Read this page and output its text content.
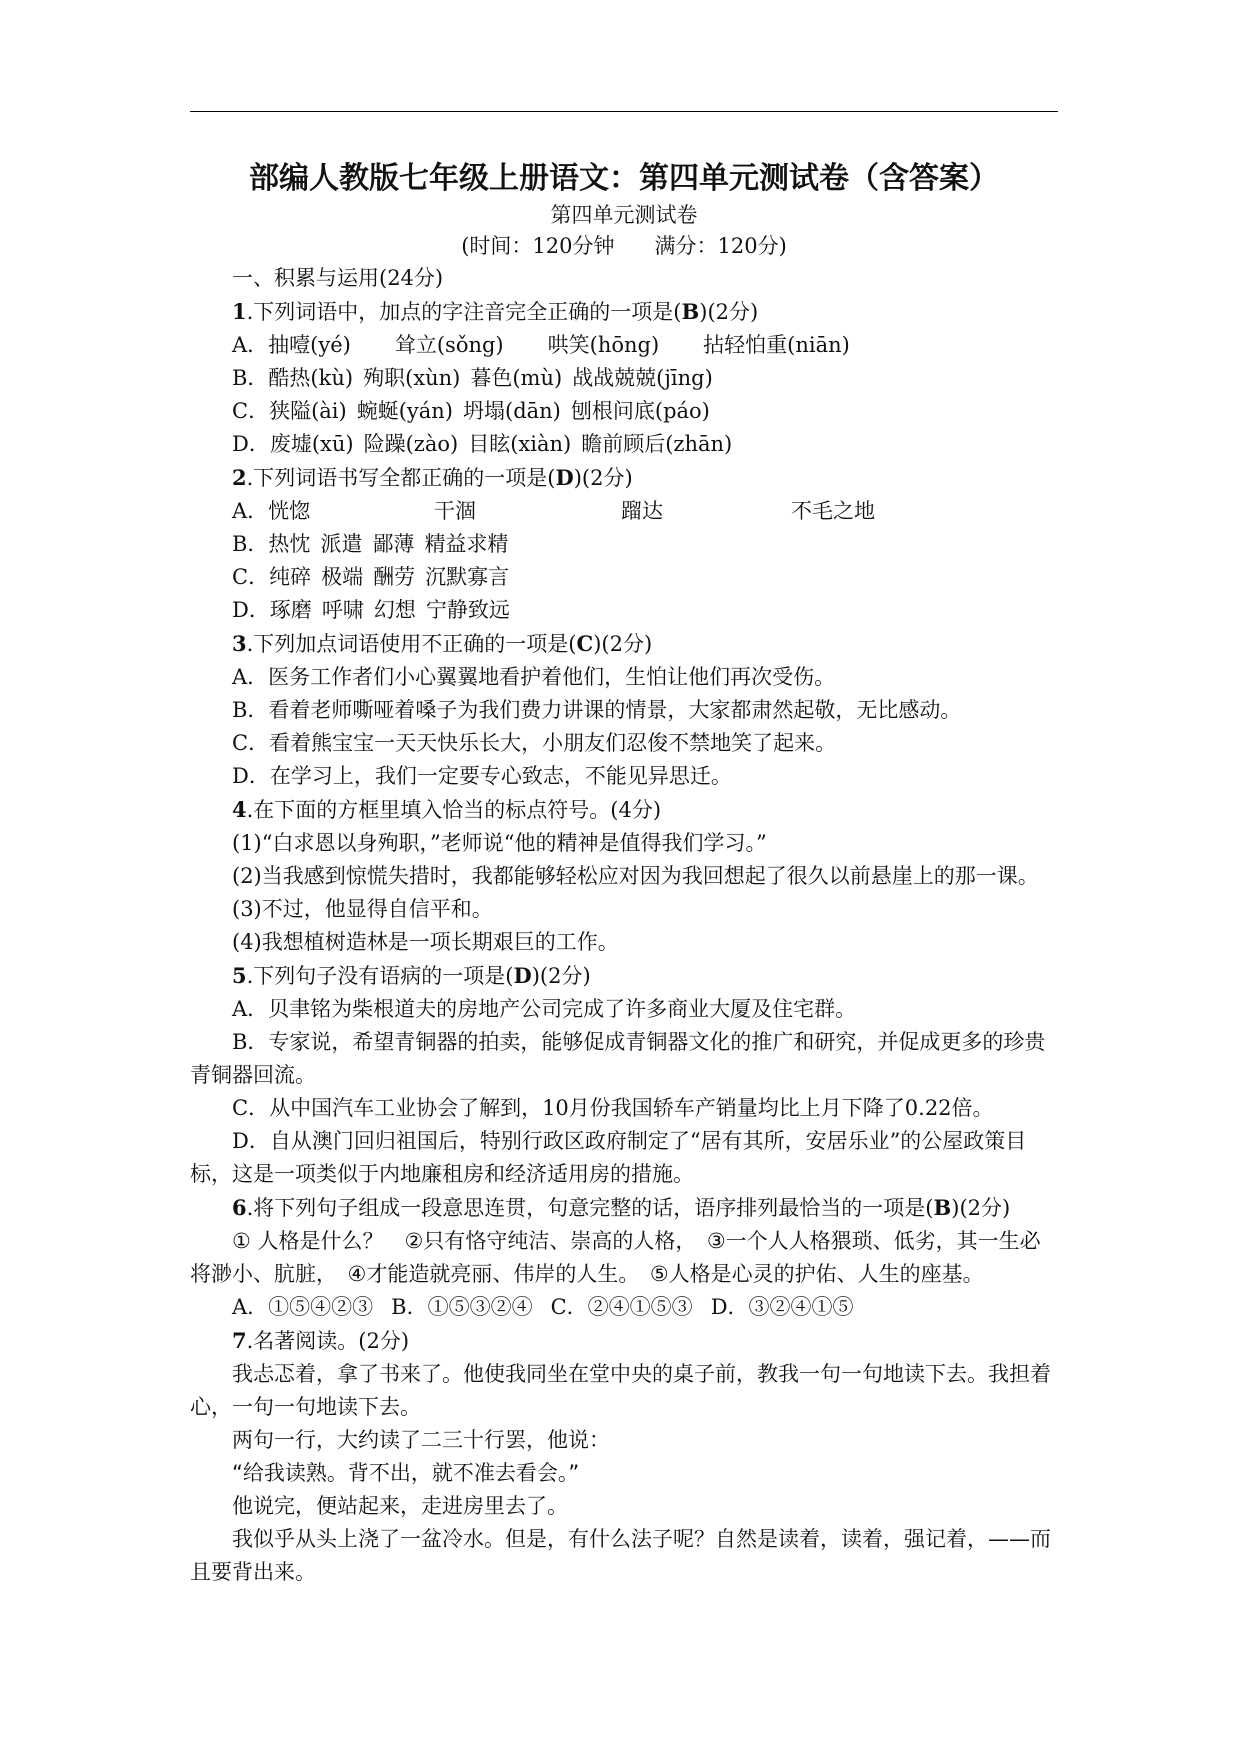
部编人教版七年级上册语文：第四单元测试卷（含答案）
第四单元测试卷
(时间：120分钟 满分：120分)

一、积累与运用(24分)

1.下列词语中，加点的字注音完全正确的一项是(B)(2分)

A．抽噎(yé) 耸立(sǒng) 哄笑(hōng) 拈轻怕重(niān)

B．酷热(kù) 殉职(xùn) 暮色(mù) 战战兢兢(jīng)

C．狭隘(ài) 蜿蜒(yán) 坍塌(dān) 刨根问底(páo)

D．废墟(xū) 险躁(zào) 目眩(xiàn) 瞻前顾后(zhān)

2.下列词语书写全都正确的一项是(D)(2分)

A．恍惚	干涸	蹓达	不毛之地

B．热忱 派遣 鄙薄 精益求精

C．纯碎 极端 酬劳 沉默寡言

D．琢磨 呼啸 幻想 宁静致远

3.下列加点词语使用不正确的一项是(C)(2分)

A．医务工作者们小心翼翼地看护着他们，生怕让他们再次受伤。

B．看着老师嘶哑着嗓子为我们费力讲课的情景，大家都肃然起敬，无比感动。

C．看着熊宝宝一天天快乐长大，小朋友们忍俊不禁地笑了起来。

D．在学习上，我们一定要专心致志，不能见异思迁。

4.在下面的方框里填入恰当的标点符号。(4分)

(1)“白求恩以身殉职，”老师说“他的精神是值得我们学习。”

(2)当我感到惊慌失措时，我都能够轻松应对因为我回想起了很久以前悬崖上的那一课。

(3)不过，他显得自信平和。

(4)我想植树造林是一项长期艰巨的工作。

5.下列句子没有语病的一项是(D)(2分)

A．贝聿铭为柴根道夫的房地产公司完成了许多商业大厦及住宅群。

B．专家说，希望青铜器的拍卖，能够促成青铜器文化的推广和研究，并促成更多的珍贵青铜器回流。

C．从中国汽车工业协会了解到，10月份我国轿车产销量均比上月下降了0.22倍。

D．自从澳门回归祖国后，特别行政区政府制定了“居有其所，安居乐业”的公屋政策目标，这是一项类似于内地廉租房和经济适用房的措施。

6.将下列句子组成一段意思连贯，句意完整的话，语序排列最恰当的一项是(B)(2分)

① 人格是什么？　②只有恪守纯洁、崇高的人格，　③一个人人格猥琐、低劣，其一生必将渺小、肮脏，　④才能造就亮丽、伟岸的人生。　⑤人格是心灵的护佑、人生的座基。

A．①⑤④②③ B．①⑤③②④ C．②④①⑤③ D．③②④①⑤

7.名著阅读。(2分)

我忐忑着，拿了书来了。他使我同坐在堂中央的桌子前，教我一句一句地读下去。我担着心，一句一句地读下去。

两句一行，大约读了二三十行罢，他说：

“给我读熟。背不出，就不准去看会。”

他说完，便站起来，走进房里去了。

我似乎从头上浇了一盆冷水。但是，有什么法子呢？自然是读着，读着，强记着，——而且要背出来。
